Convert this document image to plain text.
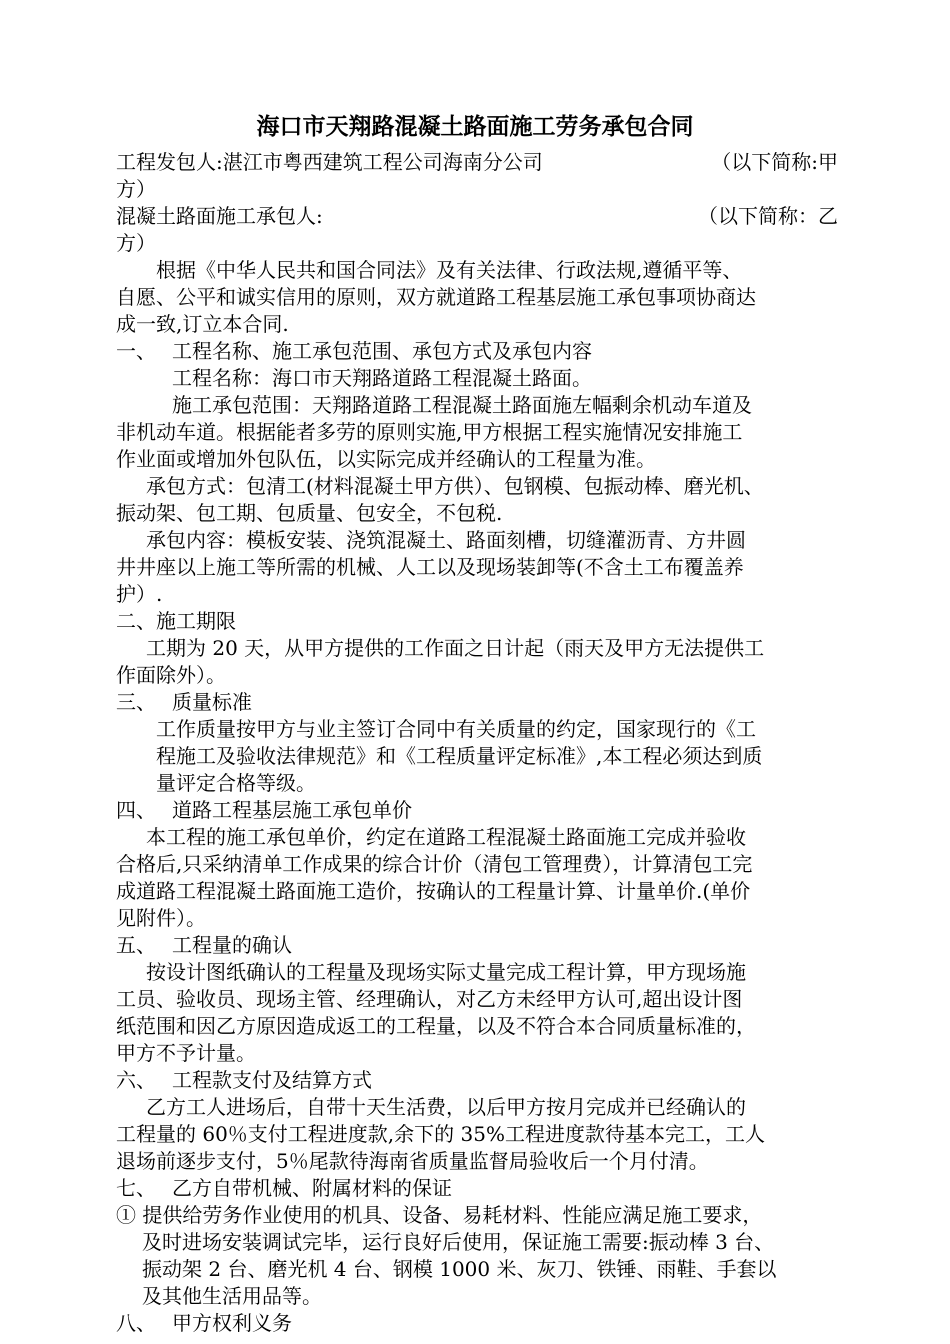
海口市天翔路混凝土路面施工劳务承包合同
工程发包人:湛江市粤西建筑工程公司海南分公司	（以下简称:甲
方）
混凝土路面施工承包人:	（以下简称：乙
方）
　　根据《中华人民共和国合同法》及有关法律、行政法规,遵循平等、
自愿、公平和诚实信用的原则，双方就道路工程基层施工承包事项协商达
成一致,订立本合同.
一、 工程名称、施工承包范围、承包方式及承包内容
工程名称：海口市天翔路道路工程混凝土路面。
施工承包范围：天翔路道路工程混凝土路面施左幅剩余机动车道及
非机动车道。根据能者多劳的原则实施,甲方根据工程实施情况安排施工
作业面或增加外包队伍，以实际完成并经确认的工程量为准。
承包方式：包清工(材料混凝土甲方供）、包钢模、包振动棒、磨光机、
振动架、包工期、包质量、包安全，不包税.
承包内容：模板安装、浇筑混凝土、路面刻槽，切缝灌沥青、方井圆
井井座以上施工等所需的机械、人工以及现场装卸等(不含土工布覆盖养
护）.
二、施工期限
工期为 20 天，从甲方提供的工作面之日计起（雨天及甲方无法提供工
作面除外）。
三、 质量标准
工作质量按甲方与业主签订合同中有关质量的约定，国家现行的《工
程施工及验收法律规范》和《工程质量评定标准》,本工程必须达到质
量评定合格等级。
四、 道路工程基层施工承包单价
本工程的施工承包单价，约定在道路工程混凝土路面施工完成并验收
合格后,只采纳清单工作成果的综合计价（清包工管理费），计算清包工完
成道路工程混凝土路面施工造价，按确认的工程量计算、计量单价.(单价
见附件）。
五、 工程量的确认
按设计图纸确认的工程量及现场实际丈量完成工程计算，甲方现场施
工员、验收员、现场主管、经理确认，对乙方未经甲方认可,超出设计图
纸范围和因乙方原因造成返工的工程量，以及不符合本合同质量标准的，
甲方不予计量。
六、 工程款支付及结算方式
乙方工人进场后，自带十天生活费，以后甲方按月完成并已经确认的
工程量的 60％支付工程进度款,余下的 35%工程进度款待基本完工，工人
退场前逐步支付，5％尾款待海南省质量监督局验收后一个月付清。
七、 乙方自带机械、附属材料的保证
① 提供给劳务作业使用的机具、设备、易耗材料、性能应满足施工要求，
及时进场安装调试完毕，运行良好后使用，保证施工需要:振动棒 3 台、
振动架 2 台、磨光机 4 台、钢模 1000 米、灰刀、铁锤、雨鞋、手套以
及其他生活用品等。
八、 甲方权利义务
